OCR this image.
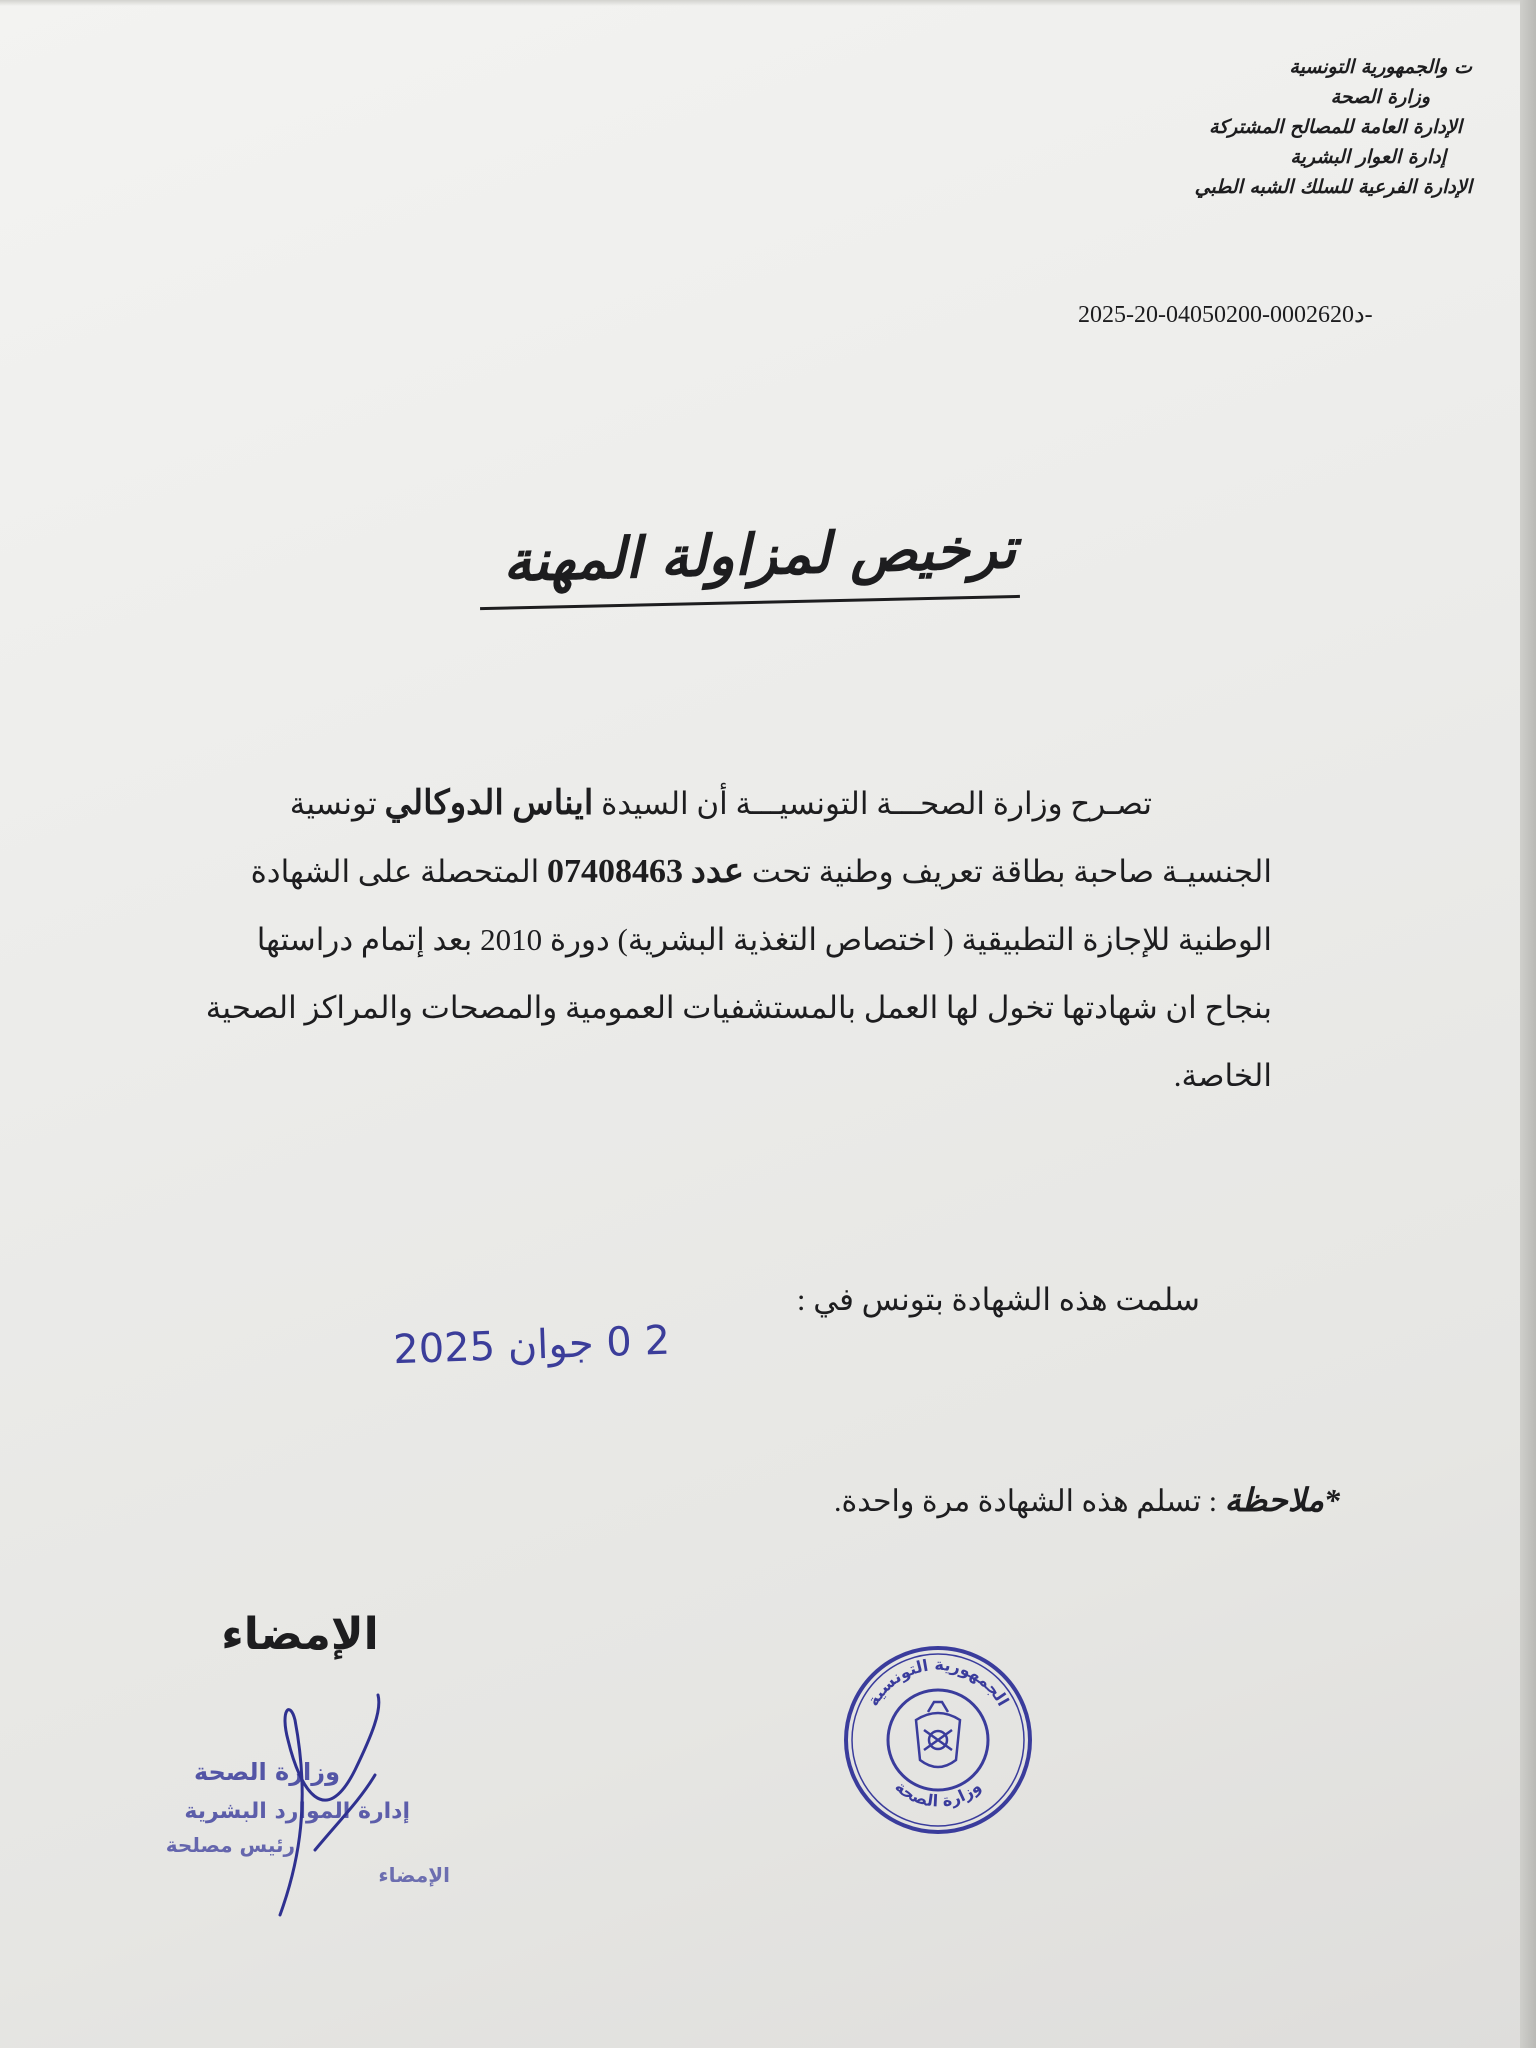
ت والجمهورية التونسية
وزارة الصحة
الإدارة العامة للمصالح المشتركة
إدارة العوار البشرية
الإدارة الفرعية للسلك الشبه الطبي
2025-20-04050200-0002620د-
ترخيص لمزاولة المهنة
تصـرح وزارة الصحـــة التونسيـــة أن السيدة ايناس الدوكالي تونسية
الجنسيـة صاحبة بطاقة تعريف وطنية تحت عدد 07408463 المتحصلة على الشهادة
الوطنية للإجازة التطبيقية ( اختصاص التغذية البشرية) دورة 2010 بعد إتمام دراستها
بنجاح ان شهادتها تخول لها العمل بالمستشفيات العمومية والمصحات والمراكز الصحية
الخاصة.
سلمت هذه الشهادة بتونس في :
2 0 جوان 2025
*ملاحظة : تسلم هذه الشهادة مرة واحدة.
الإمضاء
الجمهورية التونسية
وزارة الصحة
وزارة الصحة
إدارة الموارد البشرية
رئيس مصلحة
الإمضاء
